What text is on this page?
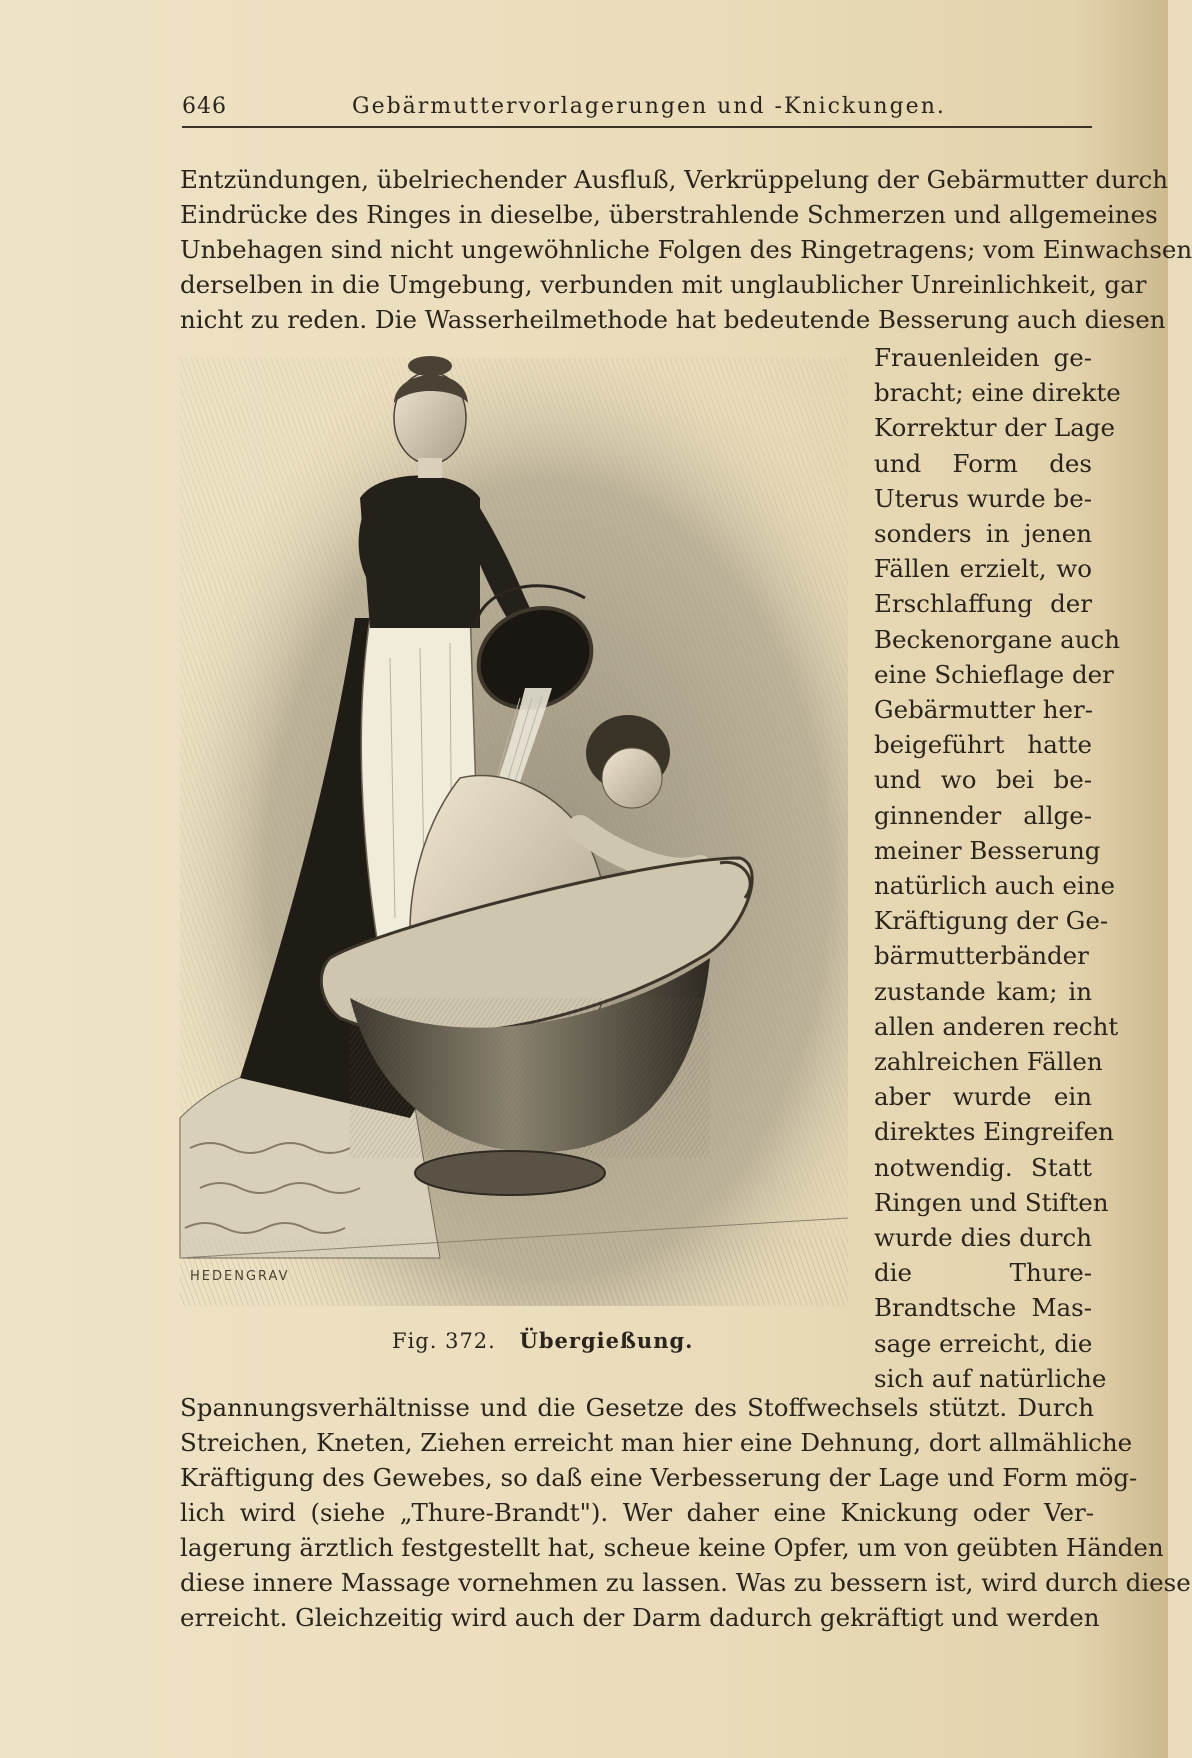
646	Gebärmuttervorlagerungen und -Knickungen.
Entzündungen, übelriechender Ausfluß, Verkrüppelung der Gebärmutter durch
Eindrücke des Ringes in dieselbe, überstrahlende Schmerzen und allgemeines
Unbehagen sind nicht ungewöhnliche Folgen des Ringetragens; vom Einwachsen
derselben in die Umgebung, verbunden mit unglaublicher Unreinlichkeit, gar
nicht zu reden. Die Wasserheilmethode hat bedeutende Besserung auch diesen
HEDENGRAV
Frauenleiden ge-
bracht; eine direkte
Korrektur der Lage
und Form des
Uterus wurde be-
sonders in jenen
Fällen erzielt, wo
Erschlaffung der
Beckenorgane auch
eine Schieflage der
Gebärmutter her-
beigeführt hatte
und wo bei be-
ginnender allge-
meiner Besserung
natürlich auch eine
Kräftigung der Ge-
bärmutterbänder
zustande kam; in
allen anderen recht
zahlreichen Fällen
aber wurde ein
direktes Eingreifen
notwendig. Statt
Ringen und Stiften
wurde dies durch
die Thure-
Brandtsche Mas-
sage erreicht, die
sich auf natürliche
Fig. 372. Übergießung.
Spannungsverhältnisse und die Gesetze des Stoffwechsels stützt. Durch
Streichen, Kneten, Ziehen erreicht man hier eine Dehnung, dort allmähliche
Kräftigung des Gewebes, so daß eine Verbesserung der Lage und Form mög-
lich wird (siehe „Thure-Brandt"). Wer daher eine Knickung oder Ver-
lagerung ärztlich festgestellt hat, scheue keine Opfer, um von geübten Händen
diese innere Massage vornehmen zu lassen. Was zu bessern ist, wird durch diese
erreicht. Gleichzeitig wird auch der Darm dadurch gekräftigt und werden
